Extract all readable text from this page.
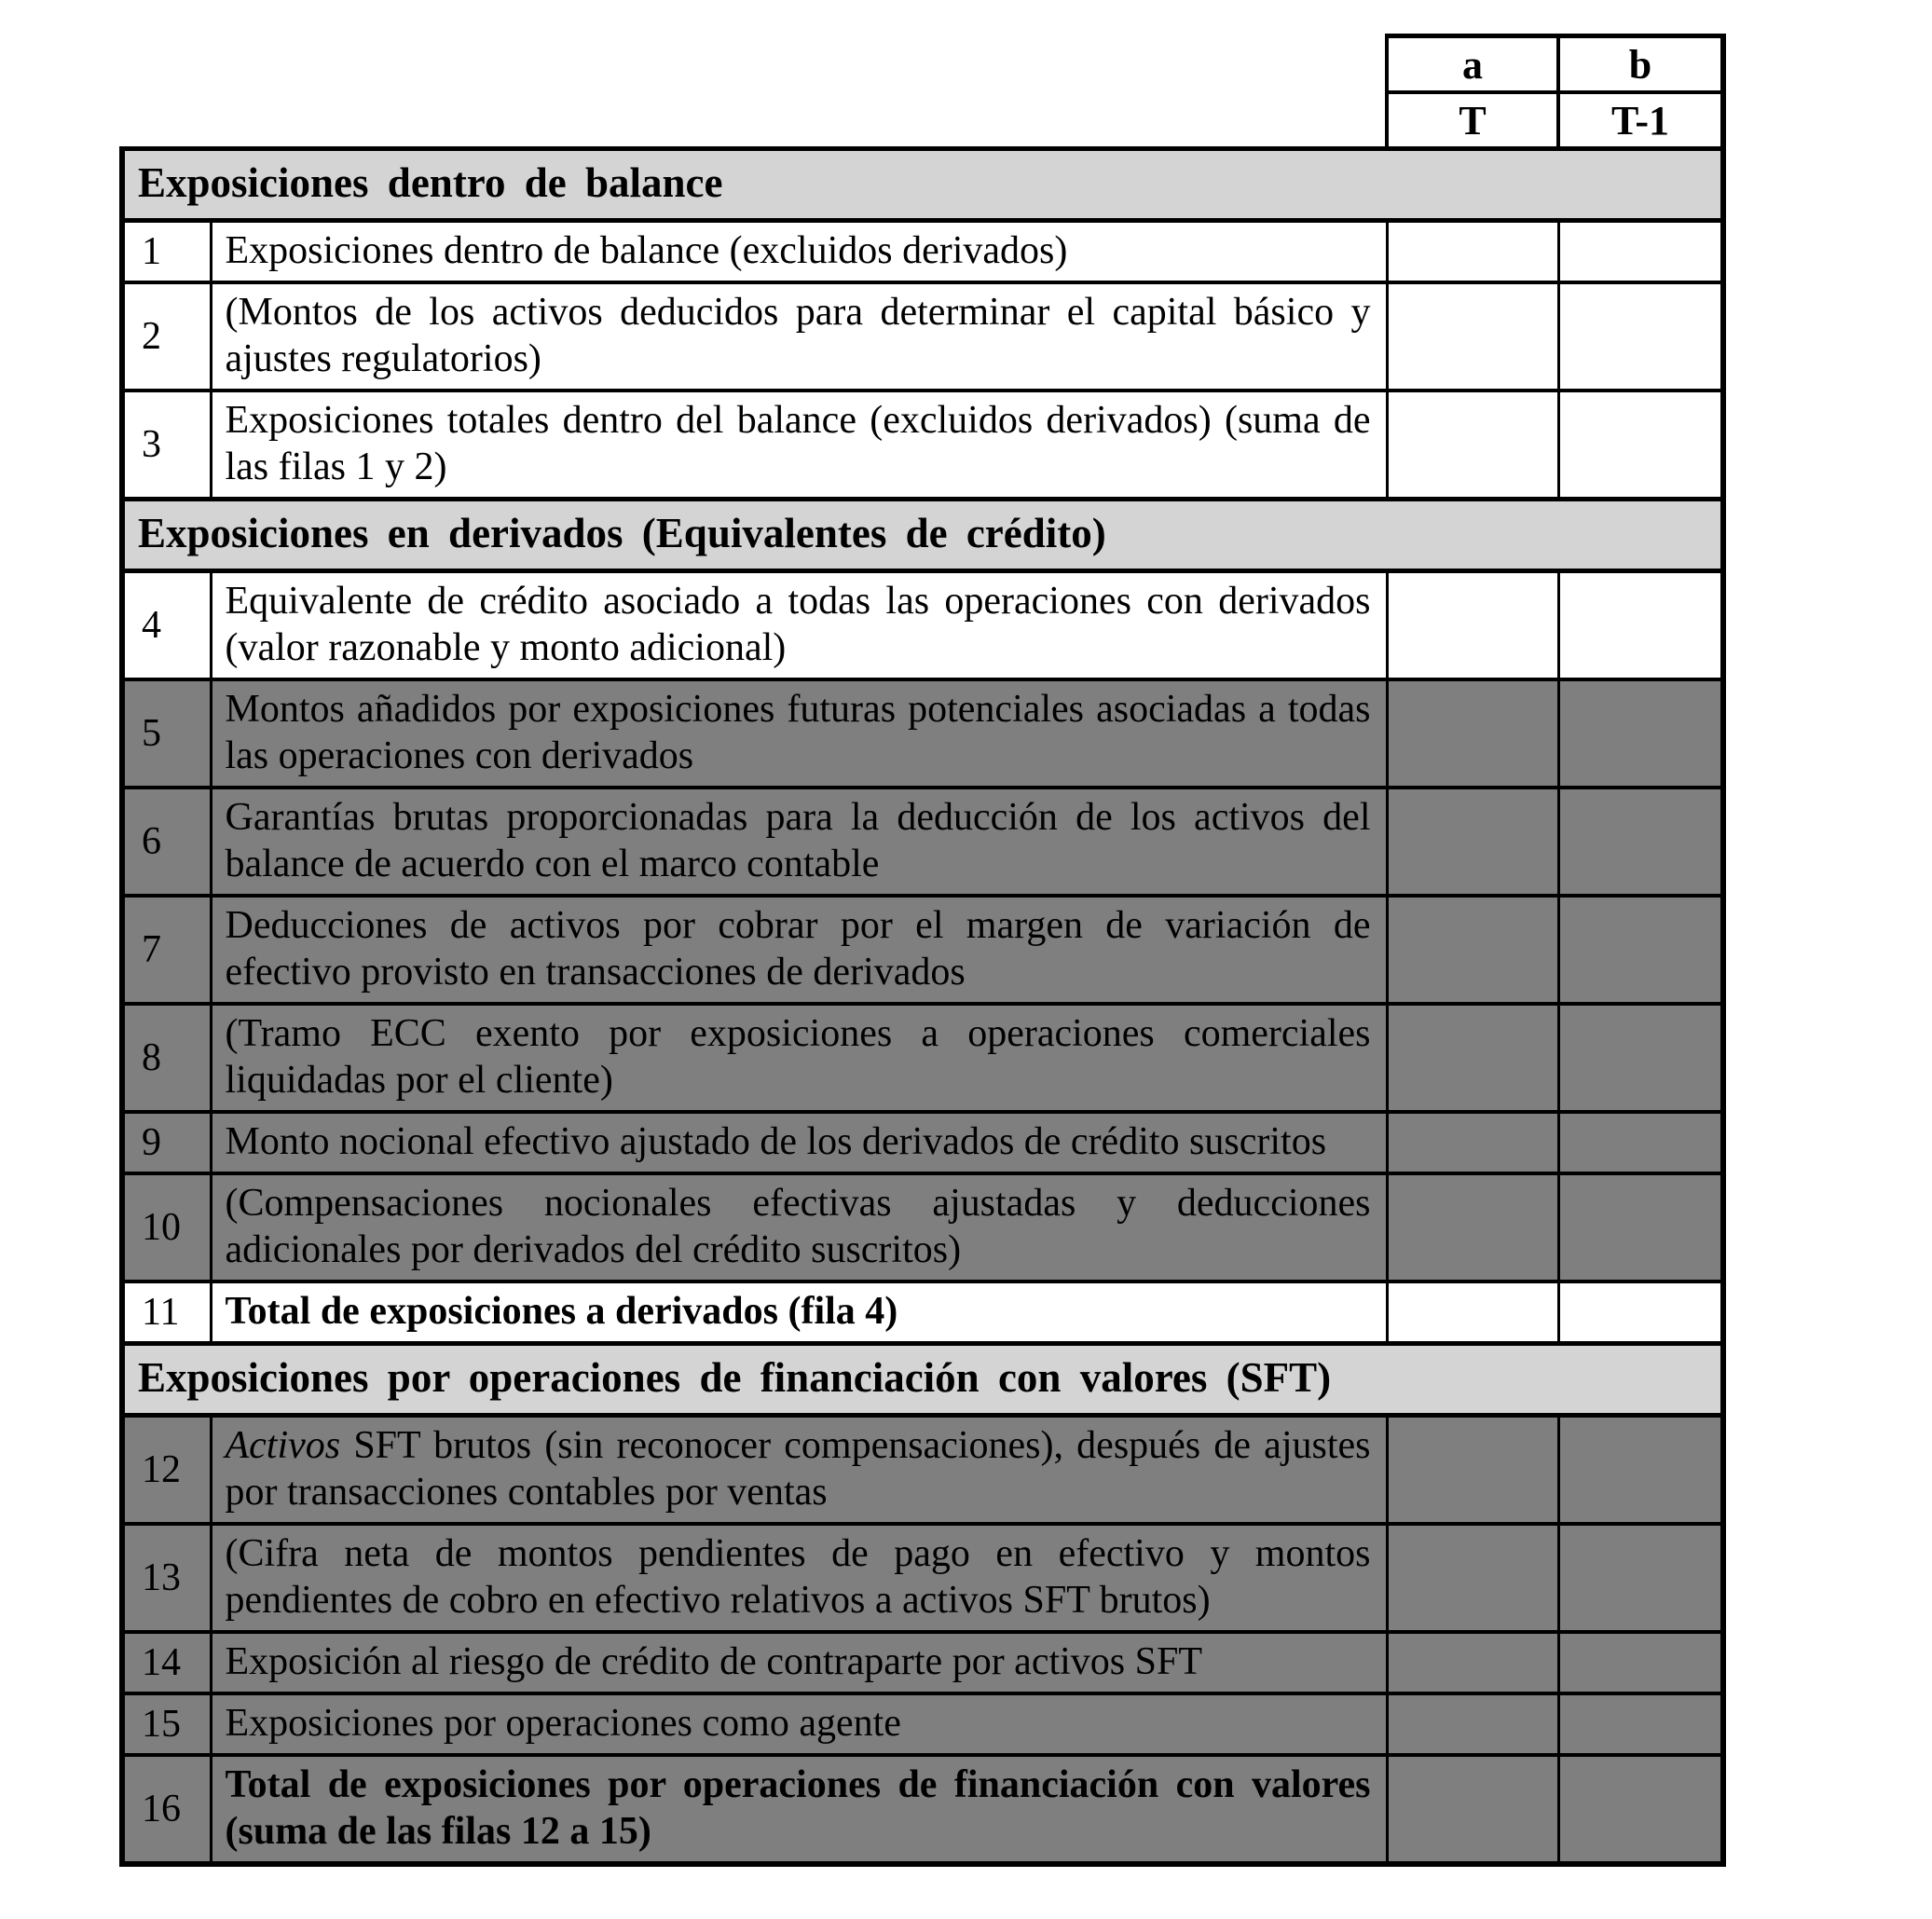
		a	b
		T	T-1
Exposiciones dentro de balance			
1	Exposiciones dentro de balance (excluidos derivados)		
2	(Montos de los activos deducidos para determinar el capital básico y ajustes regulatorios)		
3	Exposiciones totales dentro del balance (excluidos derivados) (suma de las filas 1 y 2)		
Exposiciones en derivados (Equivalentes de crédito)			
4	Equivalente de crédito asociado a todas las operaciones con derivados (valor razonable y monto adicional)		
5	Montos añadidos por exposiciones futuras potenciales asociadas a todas las operaciones con derivados		
6	Garantías brutas proporcionadas para la deducción de los activos del balance de acuerdo con el marco contable		
7	Deducciones de activos por cobrar por el margen de variación de efectivo provisto en transacciones de derivados		
8	(Tramo ECC exento por exposiciones a operaciones comerciales liquidadas por el cliente)		
9	Monto nocional efectivo ajustado de los derivados de crédito suscritos		
10	(Compensaciones nocionales efectivas ajustadas y deducciones adicionales por derivados del crédito suscritos)		
11	Total de exposiciones a derivados (fila 4)		
Exposiciones por operaciones de financiación con valores (SFT)			
12	Activos SFT brutos (sin reconocer compensaciones), después de ajustes por transacciones contables por ventas		
13	(Cifra neta de montos pendientes de pago en efectivo y montos pendientes de cobro en efectivo relativos a activos SFT brutos)		
14	Exposición al riesgo de crédito de contraparte por activos SFT		
15	Exposiciones por operaciones como agente		
16	Total de exposiciones por operaciones de financiación con valores (suma de las filas 12 a 15)		
